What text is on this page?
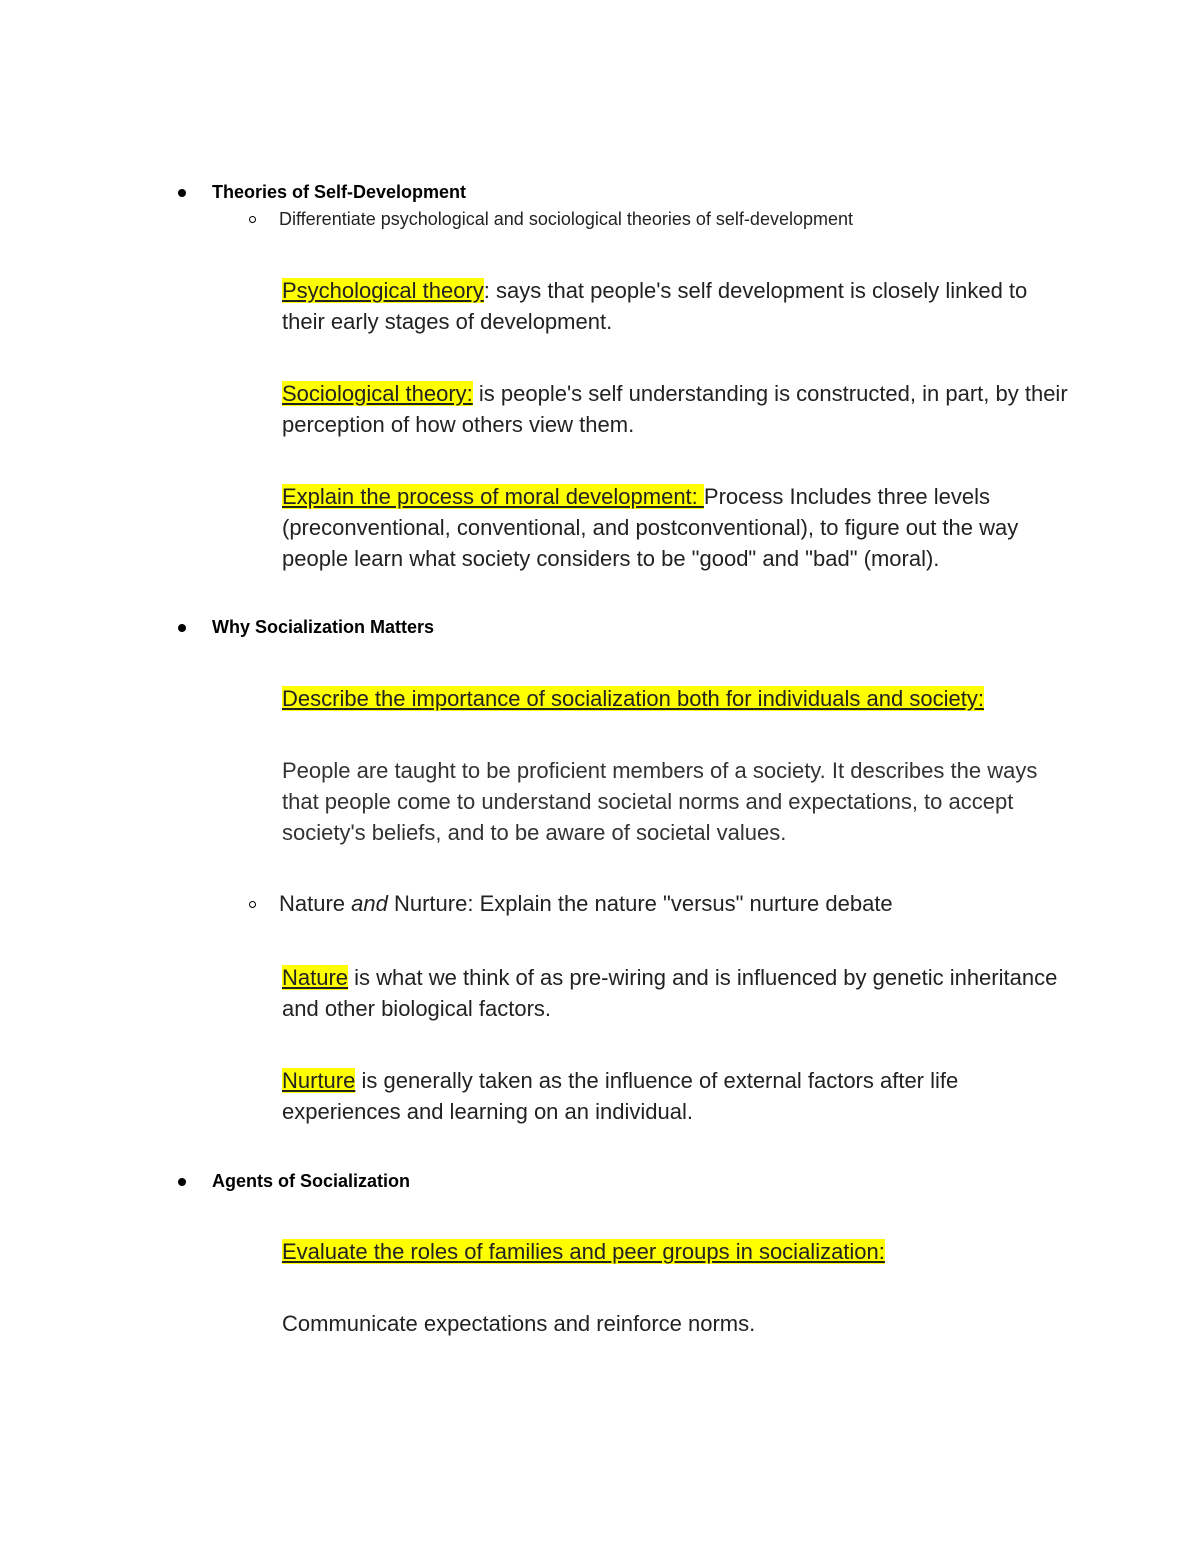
Theories of Self-Development
Differentiate psychological and sociological theories of self-development
Psychological theory: says that people's self development is closely linked to their early stages of development.
Sociological theory: is people's self understanding is constructed, in part, by their perception of how others view them.
Explain the process of moral development: Process Includes three levels (preconventional, conventional, and postconventional), to figure out the way people learn what society considers to be "good" and "bad" (moral).
Why Socialization Matters
Describe the importance of socialization both for individuals and society:
People are taught to be proficient members of a society. It describes the ways that people come to understand societal norms and expectations, to accept society's beliefs, and to be aware of societal values.
Nature and Nurture: Explain the nature "versus" nurture debate
Nature is what we think of as pre-wiring and is influenced by genetic inheritance and other biological factors.
Nurture is generally taken as the influence of external factors after life experiences and learning on an individual.
Agents of Socialization
Evaluate the roles of families and peer groups in socialization:
Communicate expectations and reinforce norms.
